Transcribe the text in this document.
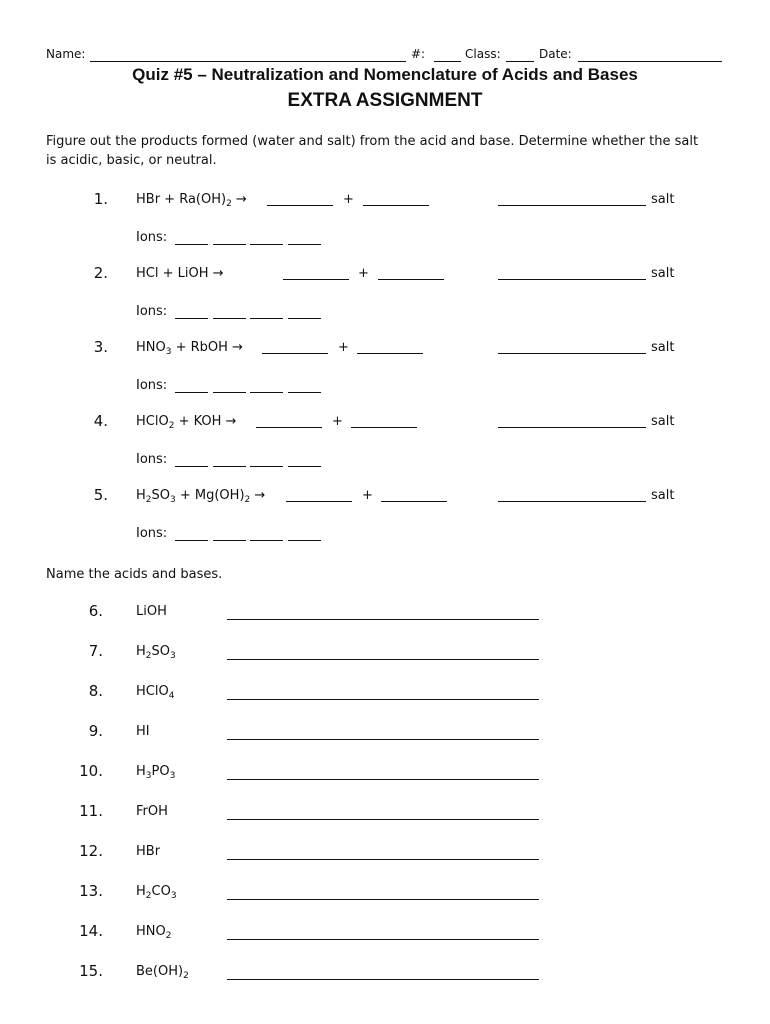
Name:	#:	Class:	Date:
Quiz #5 – Neutralization and Nomenclature of Acids and Bases
EXTRA ASSIGNMENT
Figure out the products formed (water and salt) from the acid and base. Determine whether the salt
is acidic, basic, or neutral.
1. HBr + $Ra(OH)_2$ →	+	salt
Ions:
2. HCl + LiOH →	+	salt
Ions:
3. $HNO_3$ + RbOH →	+	salt
Ions:
4. HClO$_2$ + KOH →	+	salt
Ions:
5. $H_2SO_3 + Mg(OH)_2$ →	+	salt
Ions:
Name the acids and bases.
6.	LiOH
7.	$H_2SO_3$
8.	HClO$_4$
9.	HI
10.	$H_3PO_3$
11.	FrOH
12.	HBr
13.	$H_2CO_3$
14.	$HNO_2$
15.	$Be(OH)_2$
